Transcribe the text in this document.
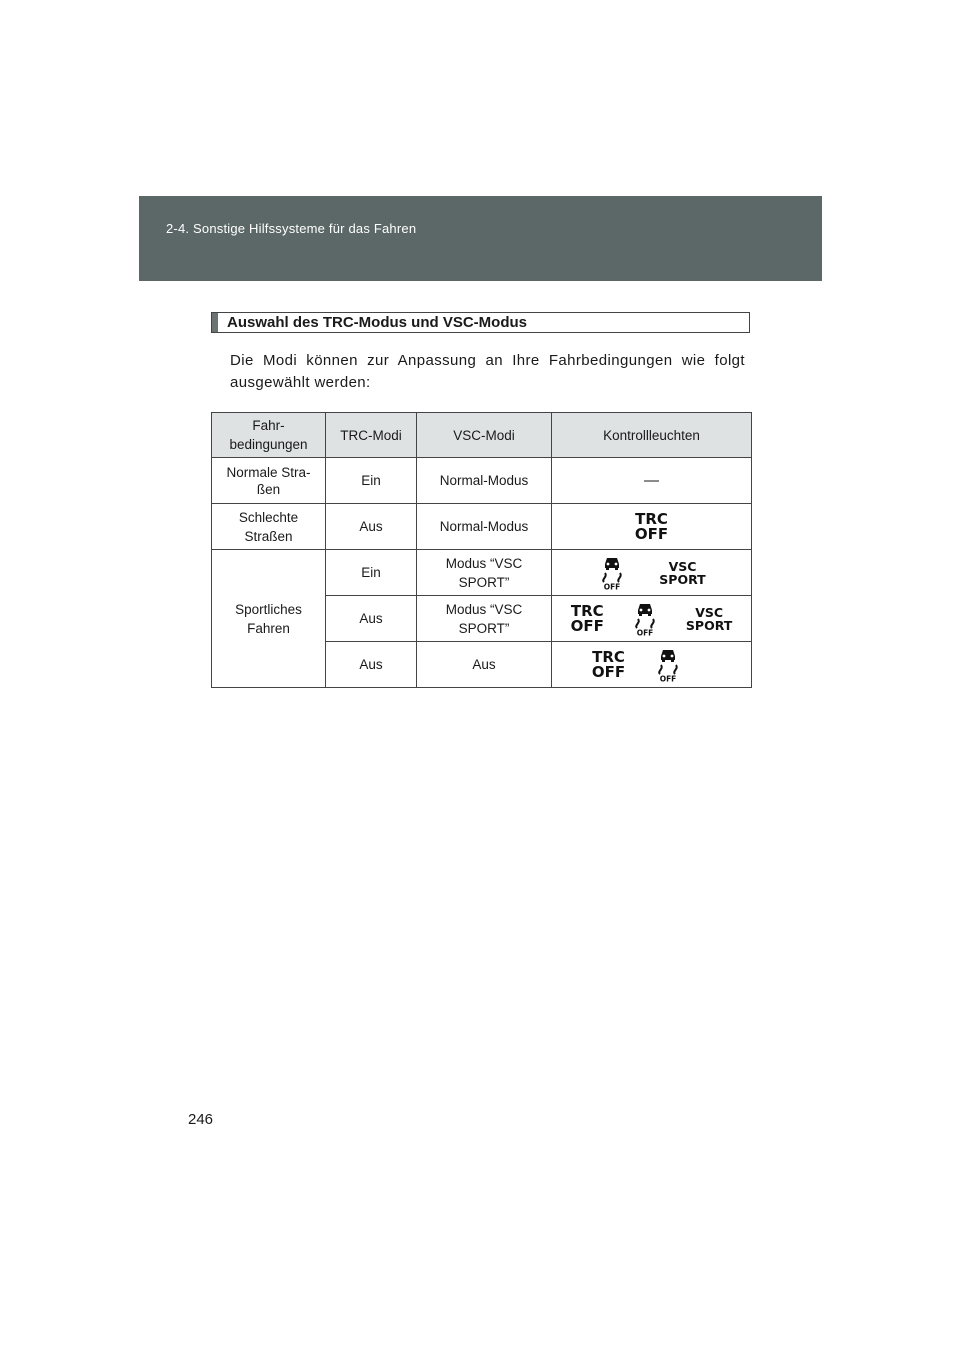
2-4. Sonstige Hilfssysteme für das Fahren
Auswahl des TRC-Modus und VSC-Modus
Die Modi können zur Anpassung an Ihre Fahrbedingungen wie folgt ausgewählt werden:
Fahr-
bedingungen	TRC-Modi	VSC-Modi	Kontrollleuchten
Normale Stra-
ßen	Ein	Normal-Modus	—
Schlechte
Straßen	Aus	Normal-Modus	TRC
OFF

Sportliches
Fahren	Ein	Modus “VSC
SPORT”	OFF
VSC
SPORT

	Aus	Modus “VSC
SPORT”	TRC
OFF OFF
VSC
SPORT

	Aus	Aus	TRC
OFF OFF
246
